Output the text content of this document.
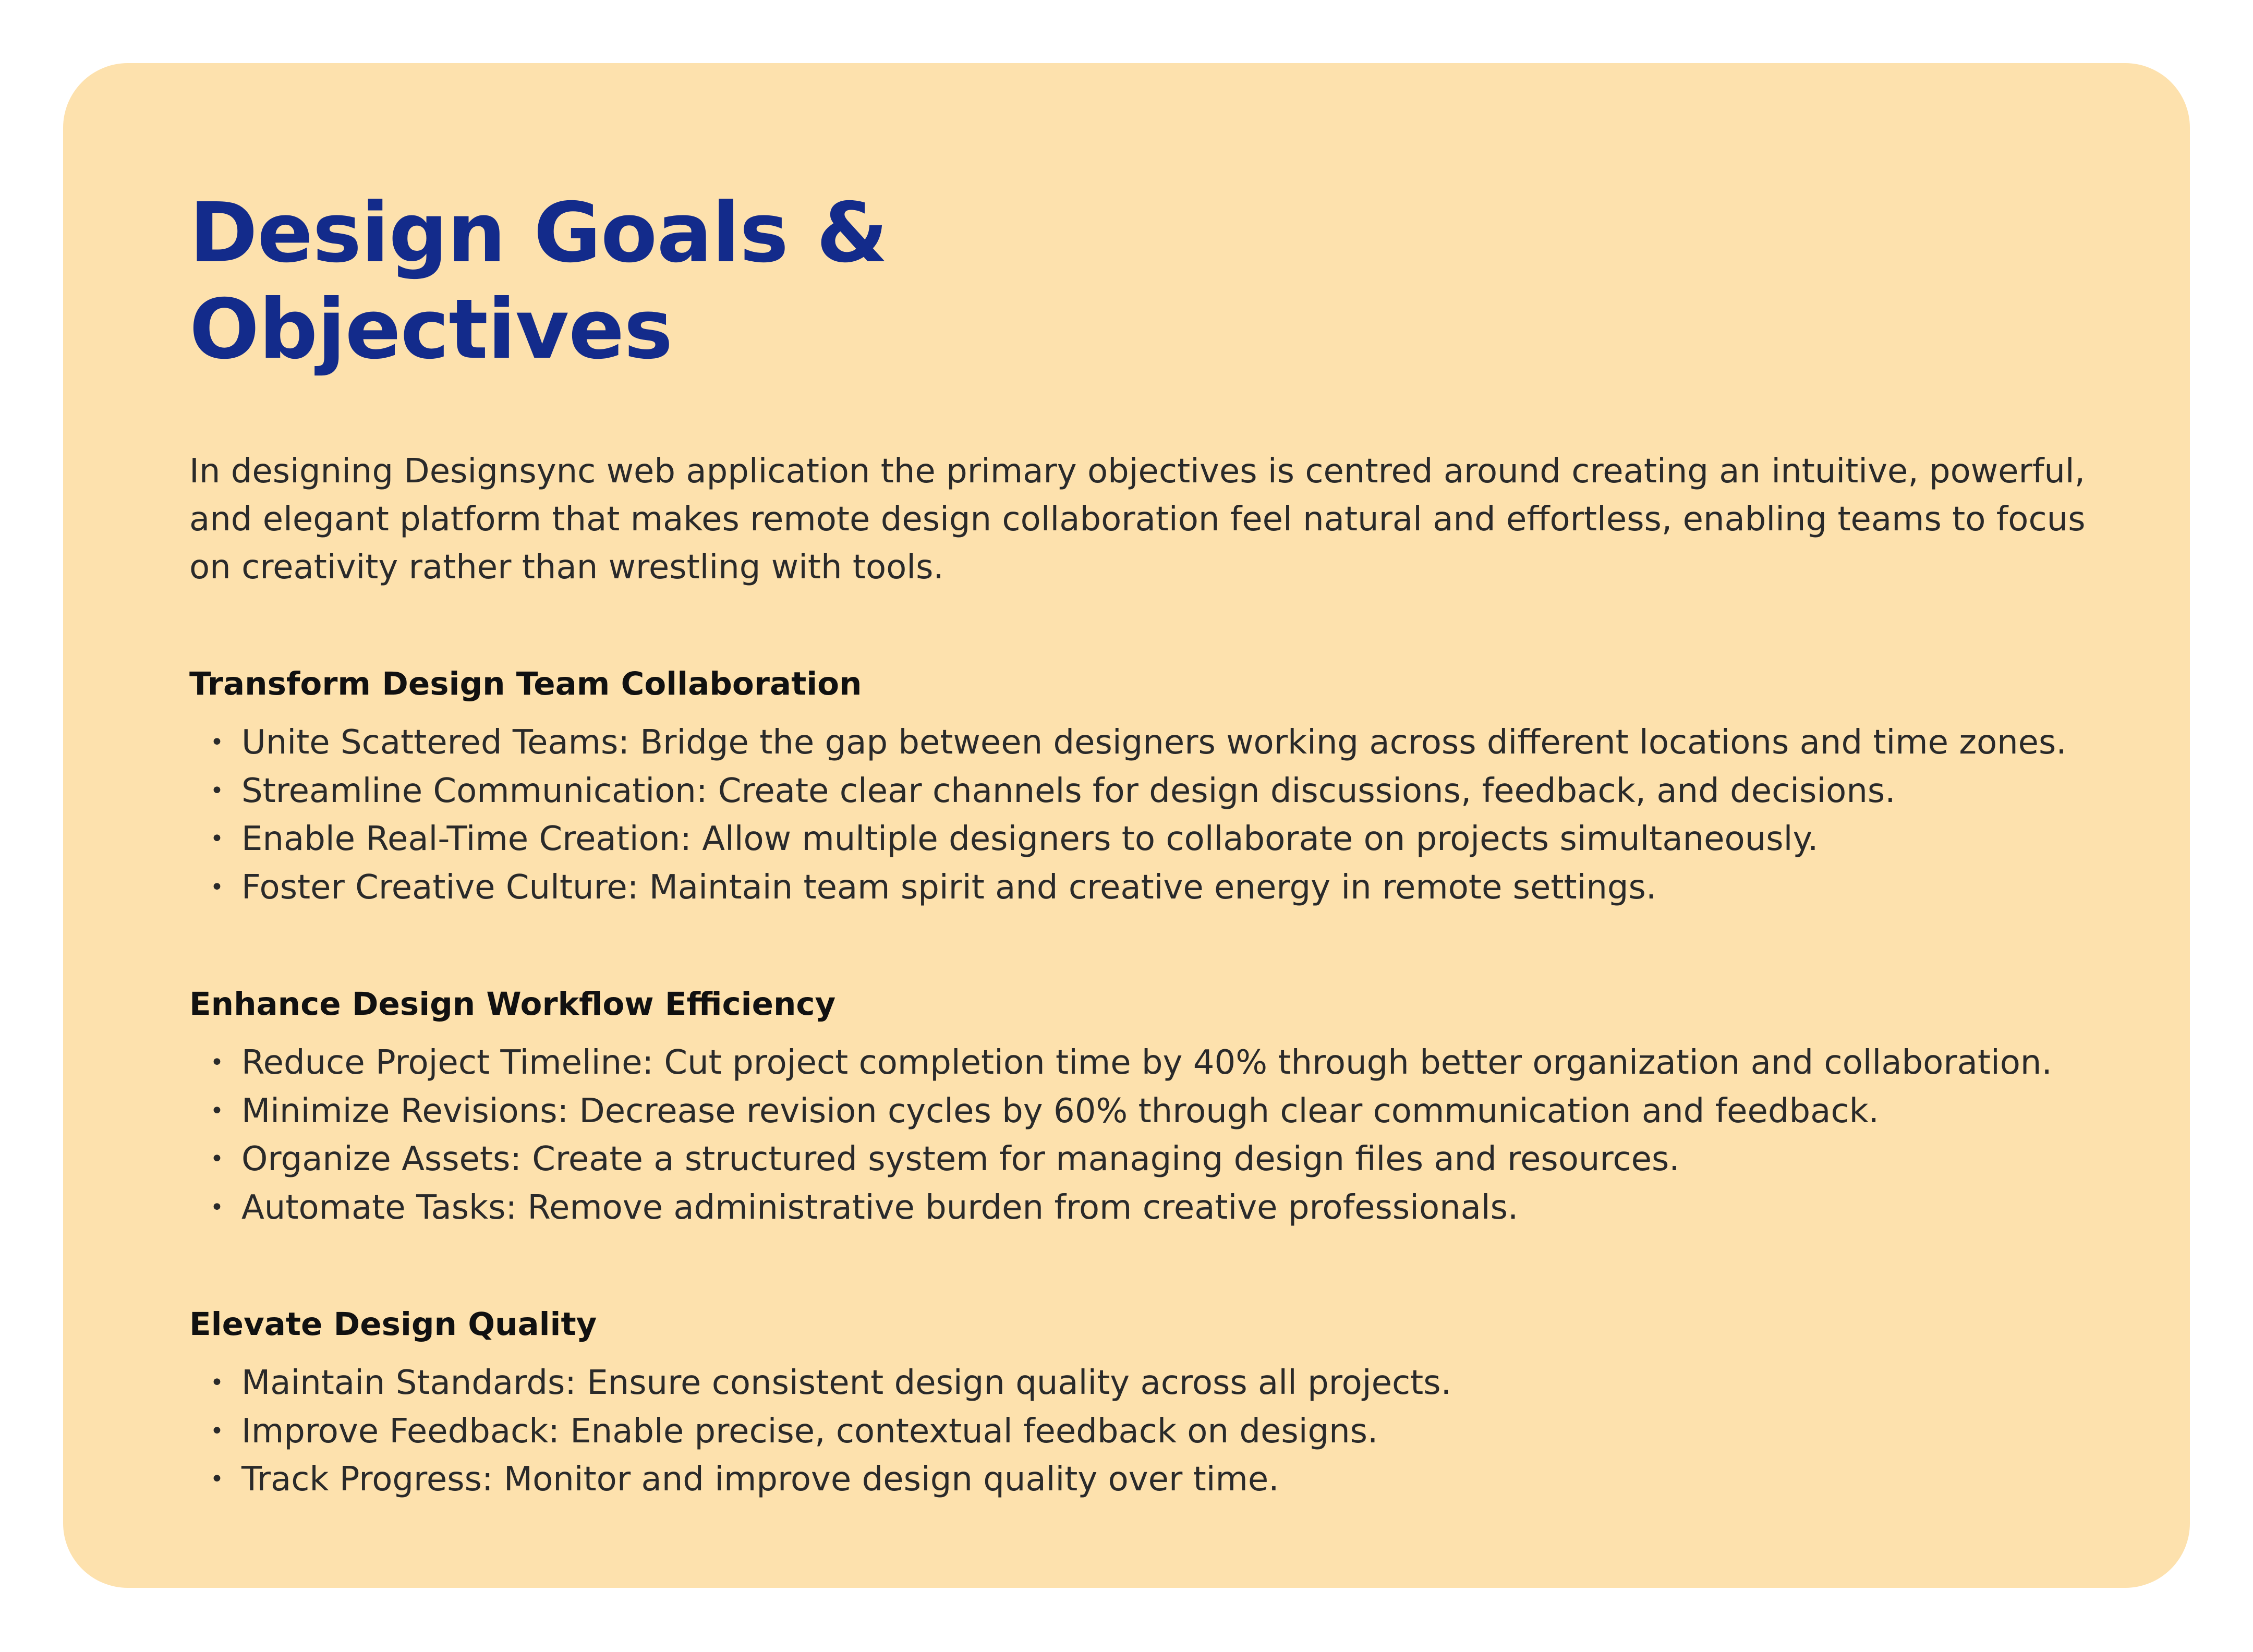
Design Goals &
Objectives

In designing Designsync web application the primary objectives is centred around creating an intuitive, powerful, and elegant platform that makes remote design collaboration feel natural and effortless, enabling teams to focus on creativity rather than wrestling with tools.

Transform Design Team Collaboration
• Unite Scattered Teams: Bridge the gap between designers working across different locations and time zones.
• Streamline Communication: Create clear channels for design discussions, feedback, and decisions.
• Enable Real-Time Creation: Allow multiple designers to collaborate on projects simultaneously.
• Foster Creative Culture: Maintain team spirit and creative energy in remote settings.
Enhance Design Workflow Efficiency
• Reduce Project Timeline: Cut project completion time by 40% through better organization and collaboration.
• Minimize Revisions: Decrease revision cycles by 60% through clear communication and feedback.
• Organize Assets: Create a structured system for managing design files and resources.
• Automate Tasks: Remove administrative burden from creative professionals.
Elevate Design Quality
• Maintain Standards: Ensure consistent design quality across all projects.
• Improve Feedback: Enable precise, contextual feedback on designs.
• Track Progress: Monitor and improve design quality over time.
